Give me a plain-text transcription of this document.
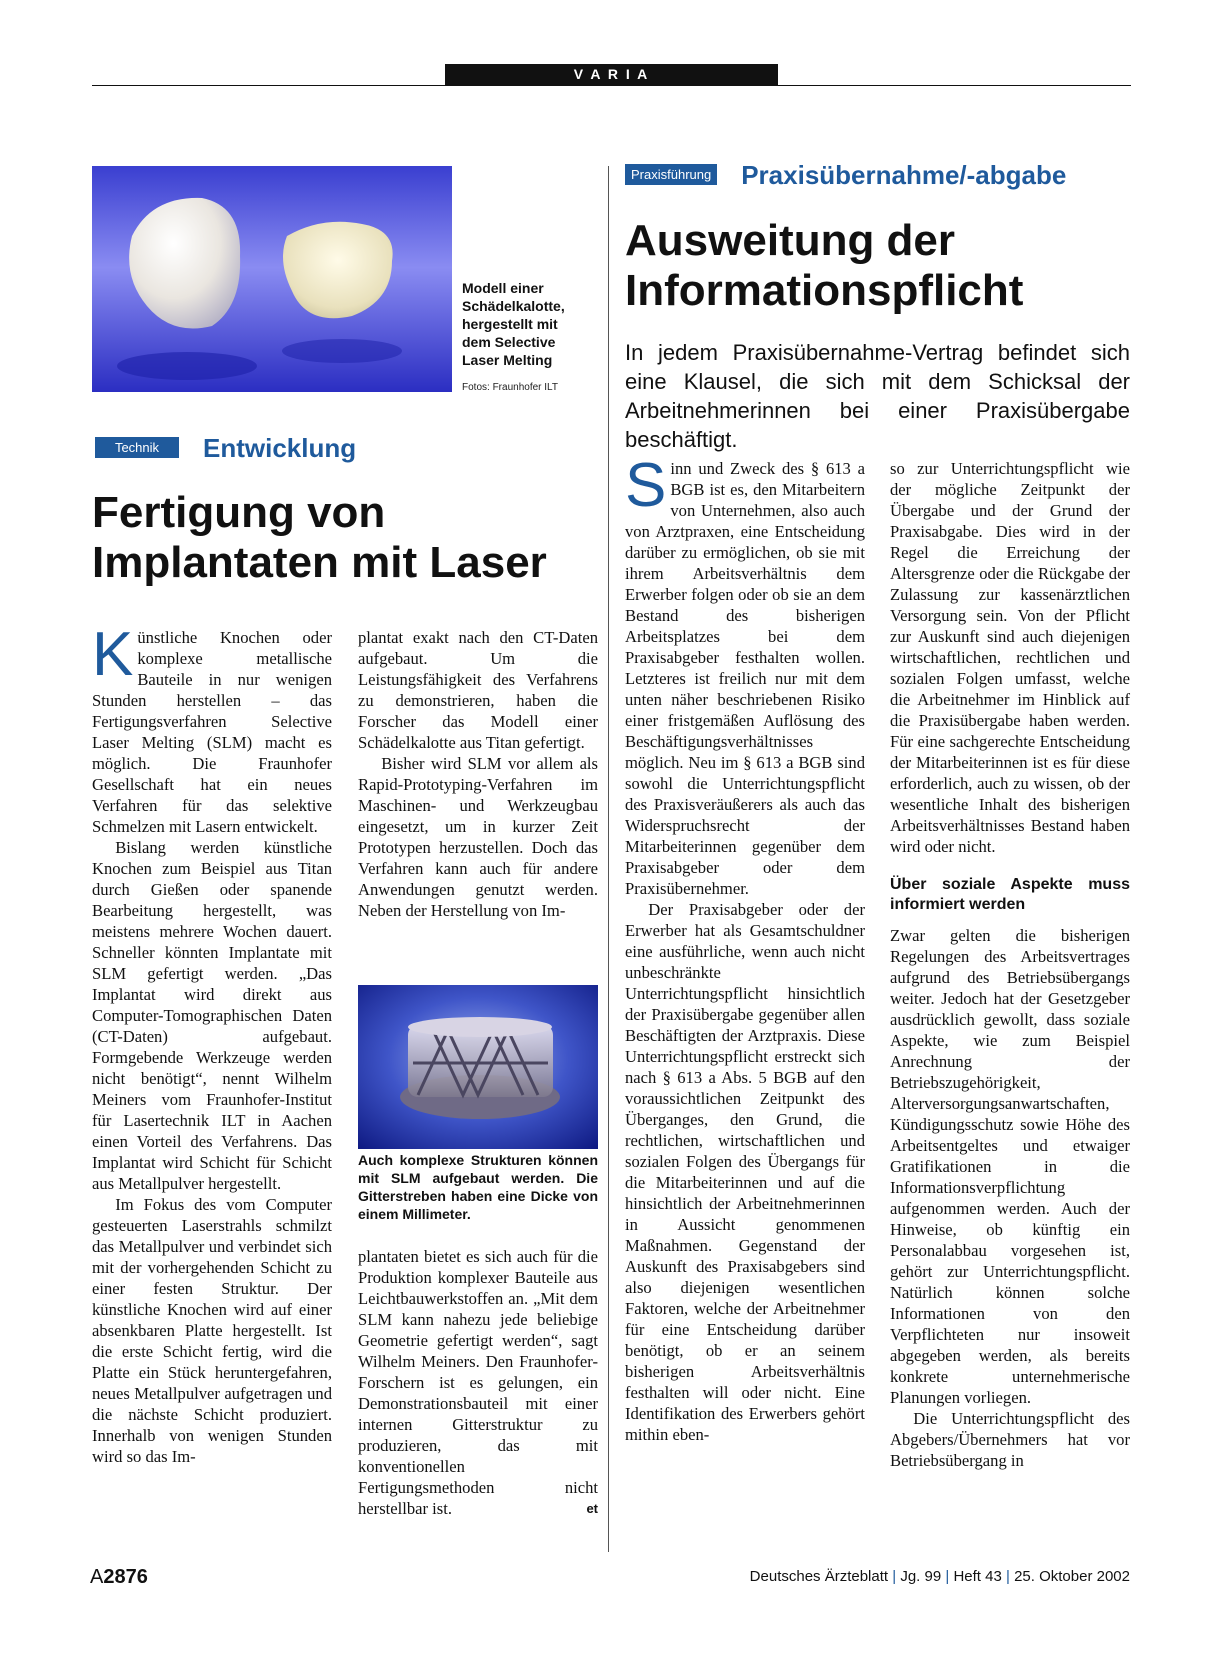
V A R I A
Modell einer Schädelkalotte, hergestellt mit dem Selective Laser Melting
Fotos: Fraunhofer ILT
Technik Entwicklung
Fertigung von
Implantaten mit Laser

Künstliche Knochen oder komplexe metallische Bauteile in nur wenigen Stunden herstellen – das Fertigungsverfahren Selective Laser Melting (SLM) macht es möglich. Die Fraunhofer Gesellschaft hat ein neues Verfahren für das selektive Schmelzen mit Lasern entwickelt.

Bislang werden künstliche Knochen zum Beispiel aus Titan durch Gießen oder spanende Bearbeitung hergestellt, was meistens mehrere Wochen dauert. Schneller könnten Implantate mit SLM gefertigt werden. „Das Implantat wird direkt aus Computer-Tomographischen Daten (CT-Daten) aufgebaut. Formgebende Werkzeuge werden nicht benötigt“, nennt Wilhelm Meiners vom Fraunhofer-Institut für Lasertechnik ILT in Aachen einen Vorteil des Verfahrens. Das Implantat wird Schicht für Schicht aus Metallpulver hergestellt.

Im Fokus des vom Computer gesteuerten Laserstrahls schmilzt das Metallpulver und verbindet sich mit der vorhergehenden Schicht zu einer festen Struktur. Der künstliche Knochen wird auf einer absenkbaren Platte hergestellt. Ist die erste Schicht fertig, wird die Platte ein Stück heruntergefahren, neues Metallpulver aufgetragen und die nächste Schicht produziert. Innerhalb von wenigen Stunden wird so das Im-

plantat exakt nach den CT-Daten aufgebaut. Um die Leistungsfähigkeit des Verfahrens zu demonstrieren, haben die Forscher das Modell einer Schädelkalotte aus Titan gefertigt.

Bisher wird SLM vor allem als Rapid-Prototyping-Verfahren im Maschinen- und Werkzeugbau eingesetzt, um in kurzer Zeit Prototypen herzustellen. Doch das Verfahren kann auch für andere Anwendungen genutzt werden. Neben der Herstellung von Im-

Auch komplexe Strukturen können mit SLM aufgebaut werden. Die Gitterstreben haben eine Dicke von einem Millimeter.

plantaten bietet es sich auch für die Produktion komplexer Bauteile aus Leichtbauwerkstoffen an. „Mit dem SLM kann nahezu jede beliebige Geometrie gefertigt werden“, sagt Wilhelm Meiners. Den Fraunhofer-Forschern ist es gelungen, ein Demonstrationsbauteil mit einer internen Gitterstruktur zu produzieren, das mit konventionellen Fertigungsmethoden nicht herstellbar ist.	et

Praxisführung Praxisübernahme/-abgabe
Ausweitung der
Informationspflicht
In jedem Praxisübernahme-Vertrag befindet sich eine Klausel, die sich mit dem Schicksal der Arbeitnehmerinnen bei einer Praxisübergabe beschäftigt.

Sinn und Zweck des § 613 a BGB ist es, den Mitarbeitern von Unternehmen, also auch von Arztpraxen, eine Entscheidung darüber zu ermöglichen, ob sie mit ihrem Arbeitsverhältnis dem Erwerber folgen oder ob sie an dem Bestand des bisherigen Arbeitsplatzes bei dem Praxisabgeber festhalten wollen. Letzteres ist freilich nur mit dem unten näher beschriebenen Risiko einer fristgemäßen Auflösung des Beschäftigungsverhältnisses möglich. Neu im § 613 a BGB sind sowohl die Unterrichtungspflicht des Praxisveräußerers als auch das Widerspruchsrecht der Mitarbeiterinnen gegenüber dem Praxisabgeber oder dem Praxisübernehmer.

Der Praxisabgeber oder der Erwerber hat als Gesamtschuldner eine ausführliche, wenn auch nicht unbeschränkte Unterrichtungspflicht hinsichtlich der Praxisübergabe gegenüber allen Beschäftigten der Arztpraxis. Diese Unterrichtungspflicht erstreckt sich nach § 613 a Abs. 5 BGB auf den voraussichtlichen Zeitpunkt des Überganges, den Grund, die rechtlichen, wirtschaftlichen und sozialen Folgen des Übergangs für die Mitarbeiterinnen und auf die hinsichtlich der Arbeitnehmerinnen in Aussicht genommenen Maßnahmen. Gegenstand der Auskunft des Praxisabgebers sind also diejenigen wesentlichen Faktoren, welche der Arbeitnehmer für eine Entscheidung darüber benötigt, ob er an seinem bisherigen Arbeitsverhältnis festhalten will oder nicht. Eine Identifikation des Erwerbers gehört mithin eben-

so zur Unterrichtungspflicht wie der mögliche Zeitpunkt der Übergabe und der Grund der Praxisabgabe. Dies wird in der Regel die Erreichung der Altersgrenze oder die Rückgabe der Zulassung zur kassenärztlichen Versorgung sein. Von der Pflicht zur Auskunft sind auch diejenigen wirtschaftlichen, rechtlichen und sozialen Folgen umfasst, welche die Arbeitnehmer im Hinblick auf die Praxisübergabe haben werden. Für eine sachgerechte Entscheidung der Mitarbeiterinnen ist es für diese erforderlich, auch zu wissen, ob der wesentliche Inhalt des bisherigen Arbeitsverhältnisses Bestand haben wird oder nicht.

Über soziale Aspekte muss informiert werden

Zwar gelten die bisherigen Regelungen des Arbeitsvertrages aufgrund des Betriebsübergangs weiter. Jedoch hat der Gesetzgeber ausdrücklich gewollt, dass soziale Aspekte, wie zum Beispiel Anrechnung der Betriebszugehörigkeit, Alterversorgungsanwartschaften, Kündigungsschutz sowie Höhe des Arbeitsentgeltes und etwaiger Gratifikationen in die Informationsverpflichtung aufgenommen werden. Auch der Hinweise, ob künftig ein Personalabbau vorgesehen ist, gehört zur Unterrichtungspflicht. Natürlich können solche Informationen von den Verpflichteten nur insoweit abgegeben werden, als bereits konkrete unternehmerische Planungen vorliegen.

Die Unterrichtungspflicht des Abgebers/Übernehmers hat vor Betriebsübergang in

A2876	Deutsches Ärzteblatt | Jg. 99 | Heft 43 | 25. Oktober 2002
